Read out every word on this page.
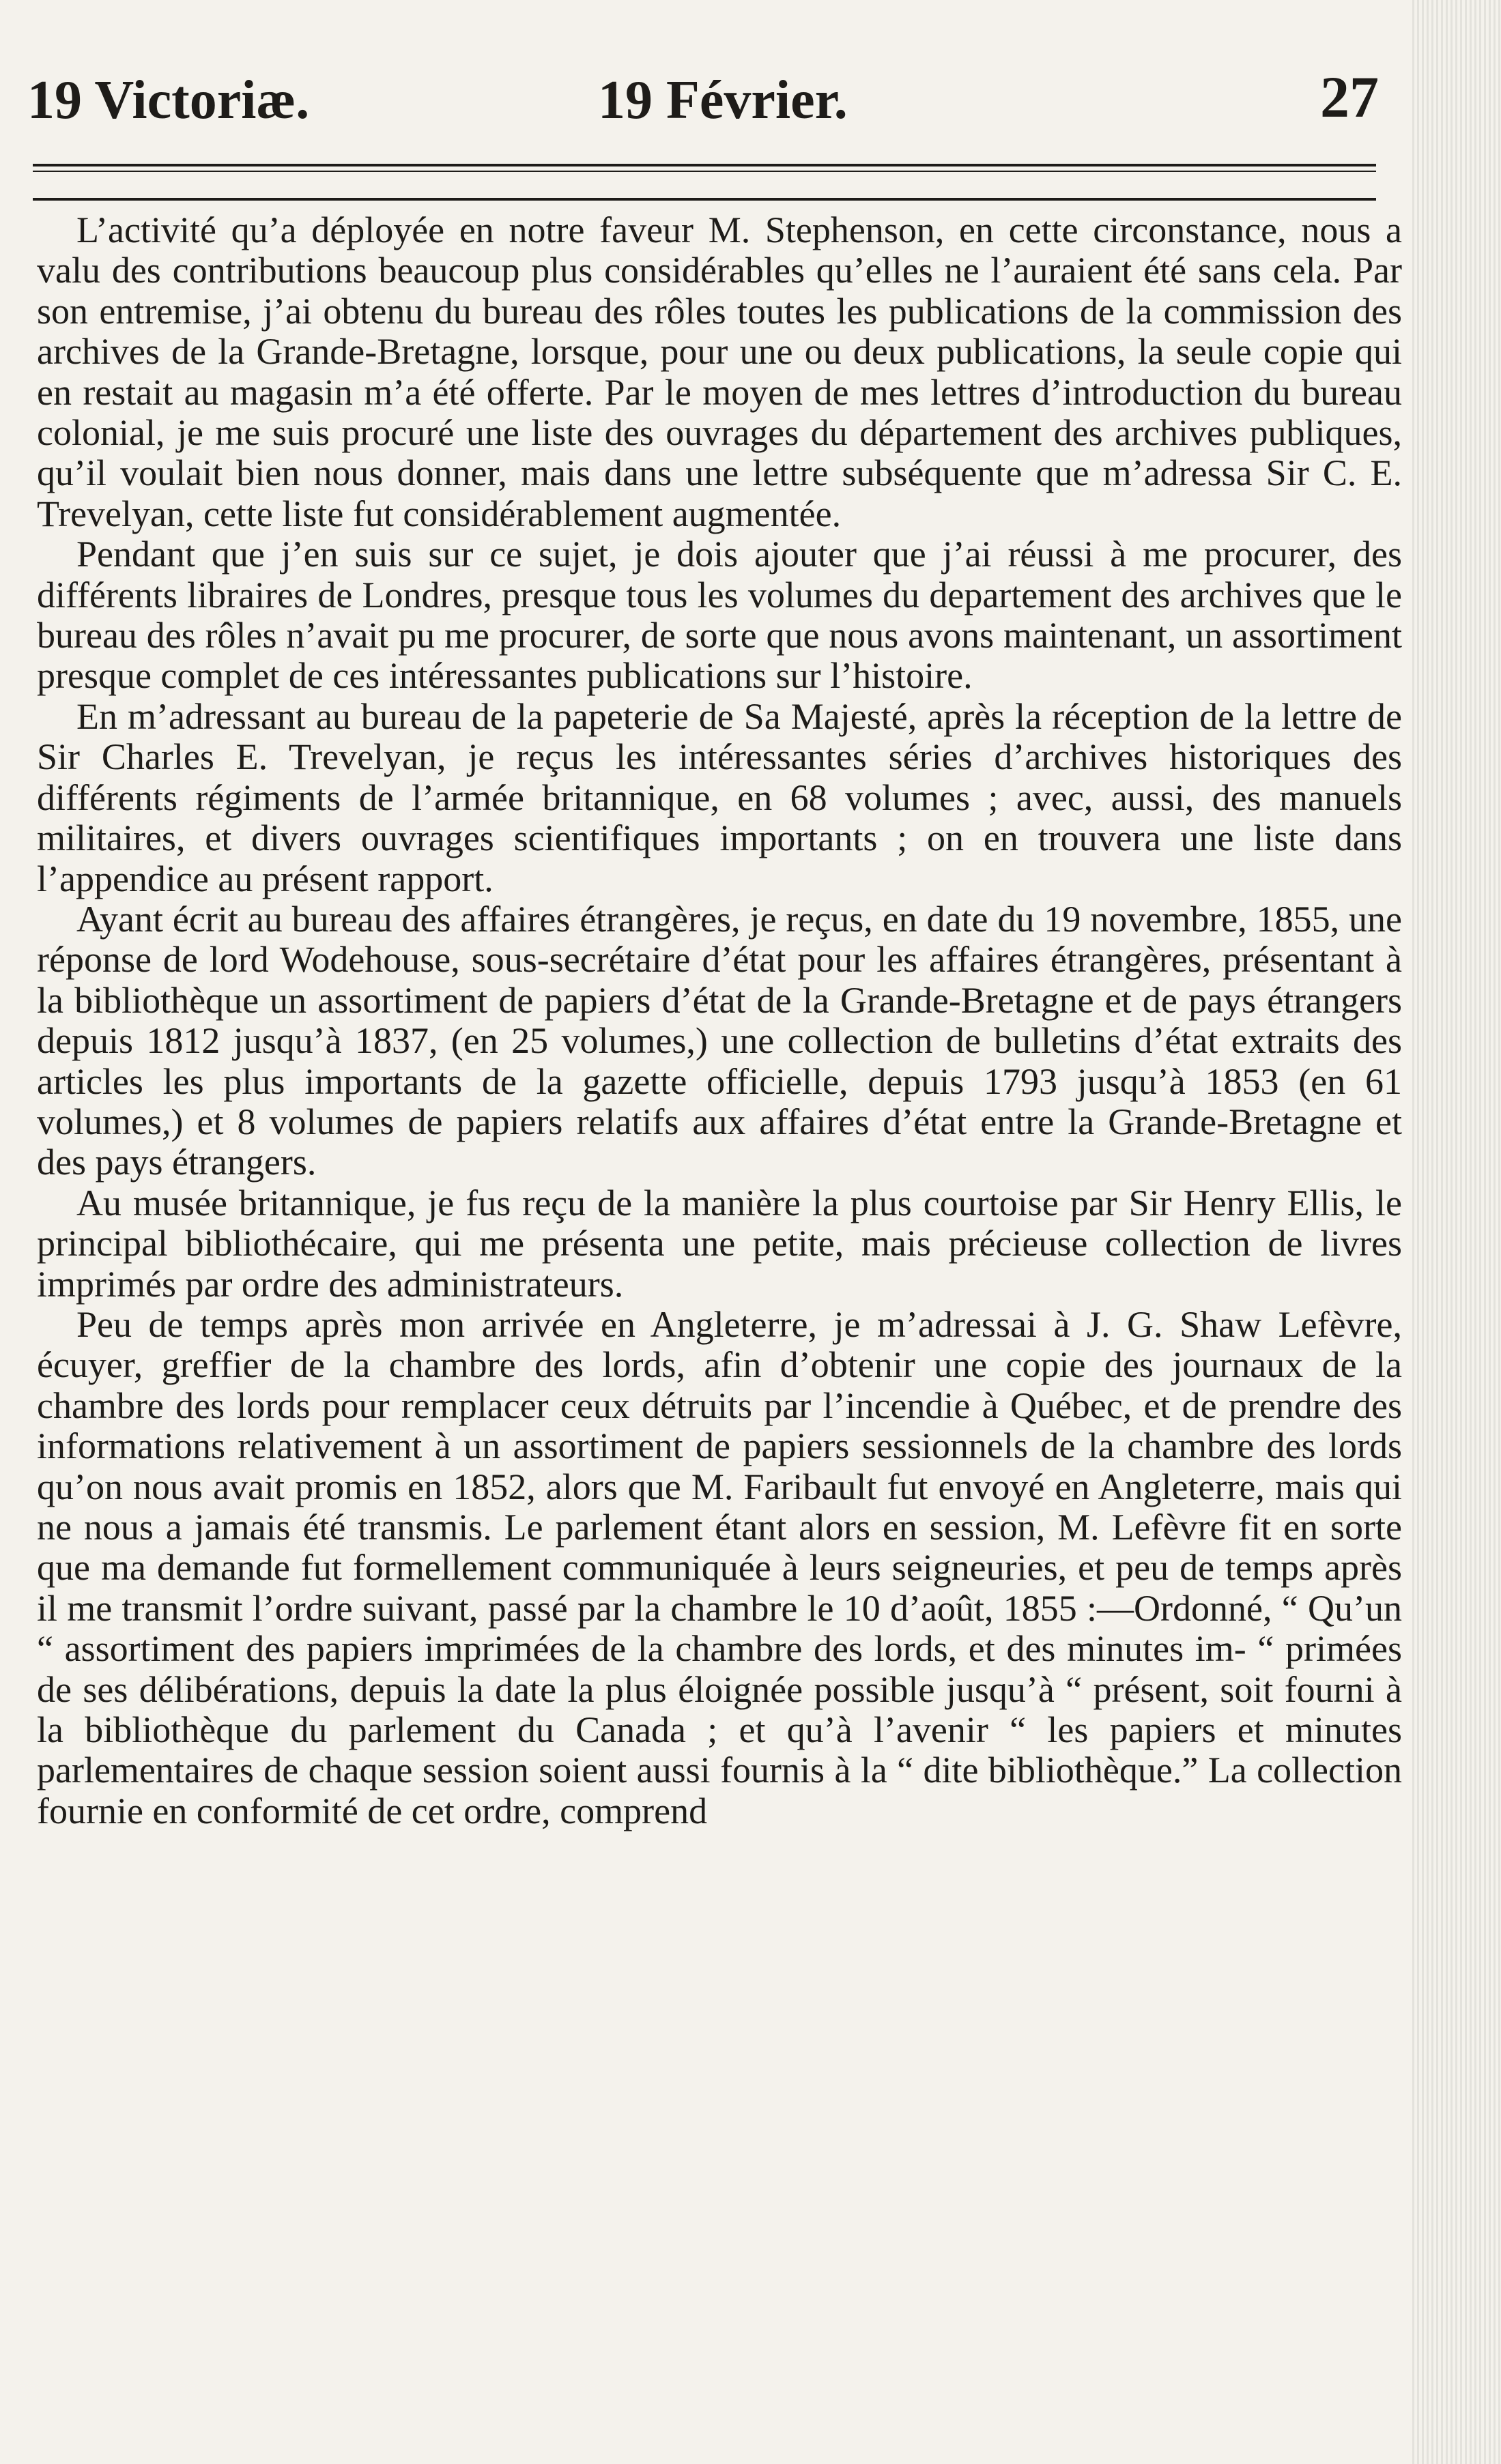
19 Victoriæ.	19 Février.	27

L’activité qu’a déployée en notre faveur M. Stephenson, en cette circonstance, nous a valu des contributions beaucoup plus considérables qu’elles ne l’auraient été sans cela. Par son entremise, j’ai obtenu du bureau des rôles toutes les publications de la commission des archives de la Grande-Bretagne, lorsque, pour une ou deux publications, la seule copie qui en restait au magasin m’a été offerte. Par le moyen de mes lettres d’introduction du bureau colonial, je me suis procuré une liste des ouvrages du département des archives publiques, qu’il voulait bien nous donner, mais dans une lettre subséquente que m’adressa Sir C. E. Trevelyan, cette liste fut considérablement augmentée.

Pendant que j’en suis sur ce sujet, je dois ajouter que j’ai réussi à me procurer, des différents libraires de Londres, presque tous les volumes du departement des archives que le bureau des rôles n’avait pu me procurer, de sorte que nous avons maintenant, un assortiment presque complet de ces intéressantes publications sur l’histoire.

En m’adressant au bureau de la papeterie de Sa Majesté, après la réception de la lettre de Sir Charles E. Trevelyan, je reçus les intéressantes séries d’archives historiques des différents régiments de l’armée britannique, en 68 volumes ; avec, aussi, des manuels militaires, et divers ouvrages scientifiques importants ; on en trouvera une liste dans l’appendice au présent rapport.

Ayant écrit au bureau des affaires étrangères, je reçus, en date du 19 novembre, 1855, une réponse de lord Wodehouse, sous-secrétaire d’état pour les affaires étrangères, présentant à la bibliothèque un assortiment de papiers d’état de la Grande-Bretagne et de pays étrangers depuis 1812 jusqu’à 1837, (en 25 volumes,) une collection de bulletins d’état extraits des articles les plus importants de la gazette officielle, depuis 1793 jusqu’à 1853 (en 61 volumes,) et 8 volumes de papiers relatifs aux affaires d’état entre la Grande-Bretagne et des pays étrangers.

Au musée britannique, je fus reçu de la manière la plus courtoise par Sir Henry Ellis, le principal bibliothécaire, qui me présenta une petite, mais précieuse collection de livres imprimés par ordre des administrateurs.

Peu de temps après mon arrivée en Angleterre, je m’adressai à J. G. Shaw Lefèvre, écuyer, greffier de la chambre des lords, afin d’obtenir une copie des journaux de la chambre des lords pour remplacer ceux détruits par l’incendie à Québec, et de prendre des informations relativement à un assortiment de papiers sessionnels de la chambre des lords qu’on nous avait promis en 1852, alors que M. Faribault fut envoyé en Angleterre, mais qui ne nous a jamais été transmis. Le parlement étant alors en session, M. Lefèvre fit en sorte que ma demande fut formellement communiquée à leurs seigneuries, et peu de temps après il me transmit l’ordre suivant, passé par la chambre le 10 d’août, 1855 :—Ordonné, “ Qu’un “ assortiment des papiers imprimées de la chambre des lords, et des minutes im- “ primées de ses délibérations, depuis la date la plus éloignée possible jusqu’à “ présent, soit fourni à la bibliothèque du parlement du Canada ; et qu’à l’avenir “ les papiers et minutes parlementaires de chaque session soient aussi fournis à la “ dite bibliothèque.” La collection fournie en conformité de cet ordre, comprend
